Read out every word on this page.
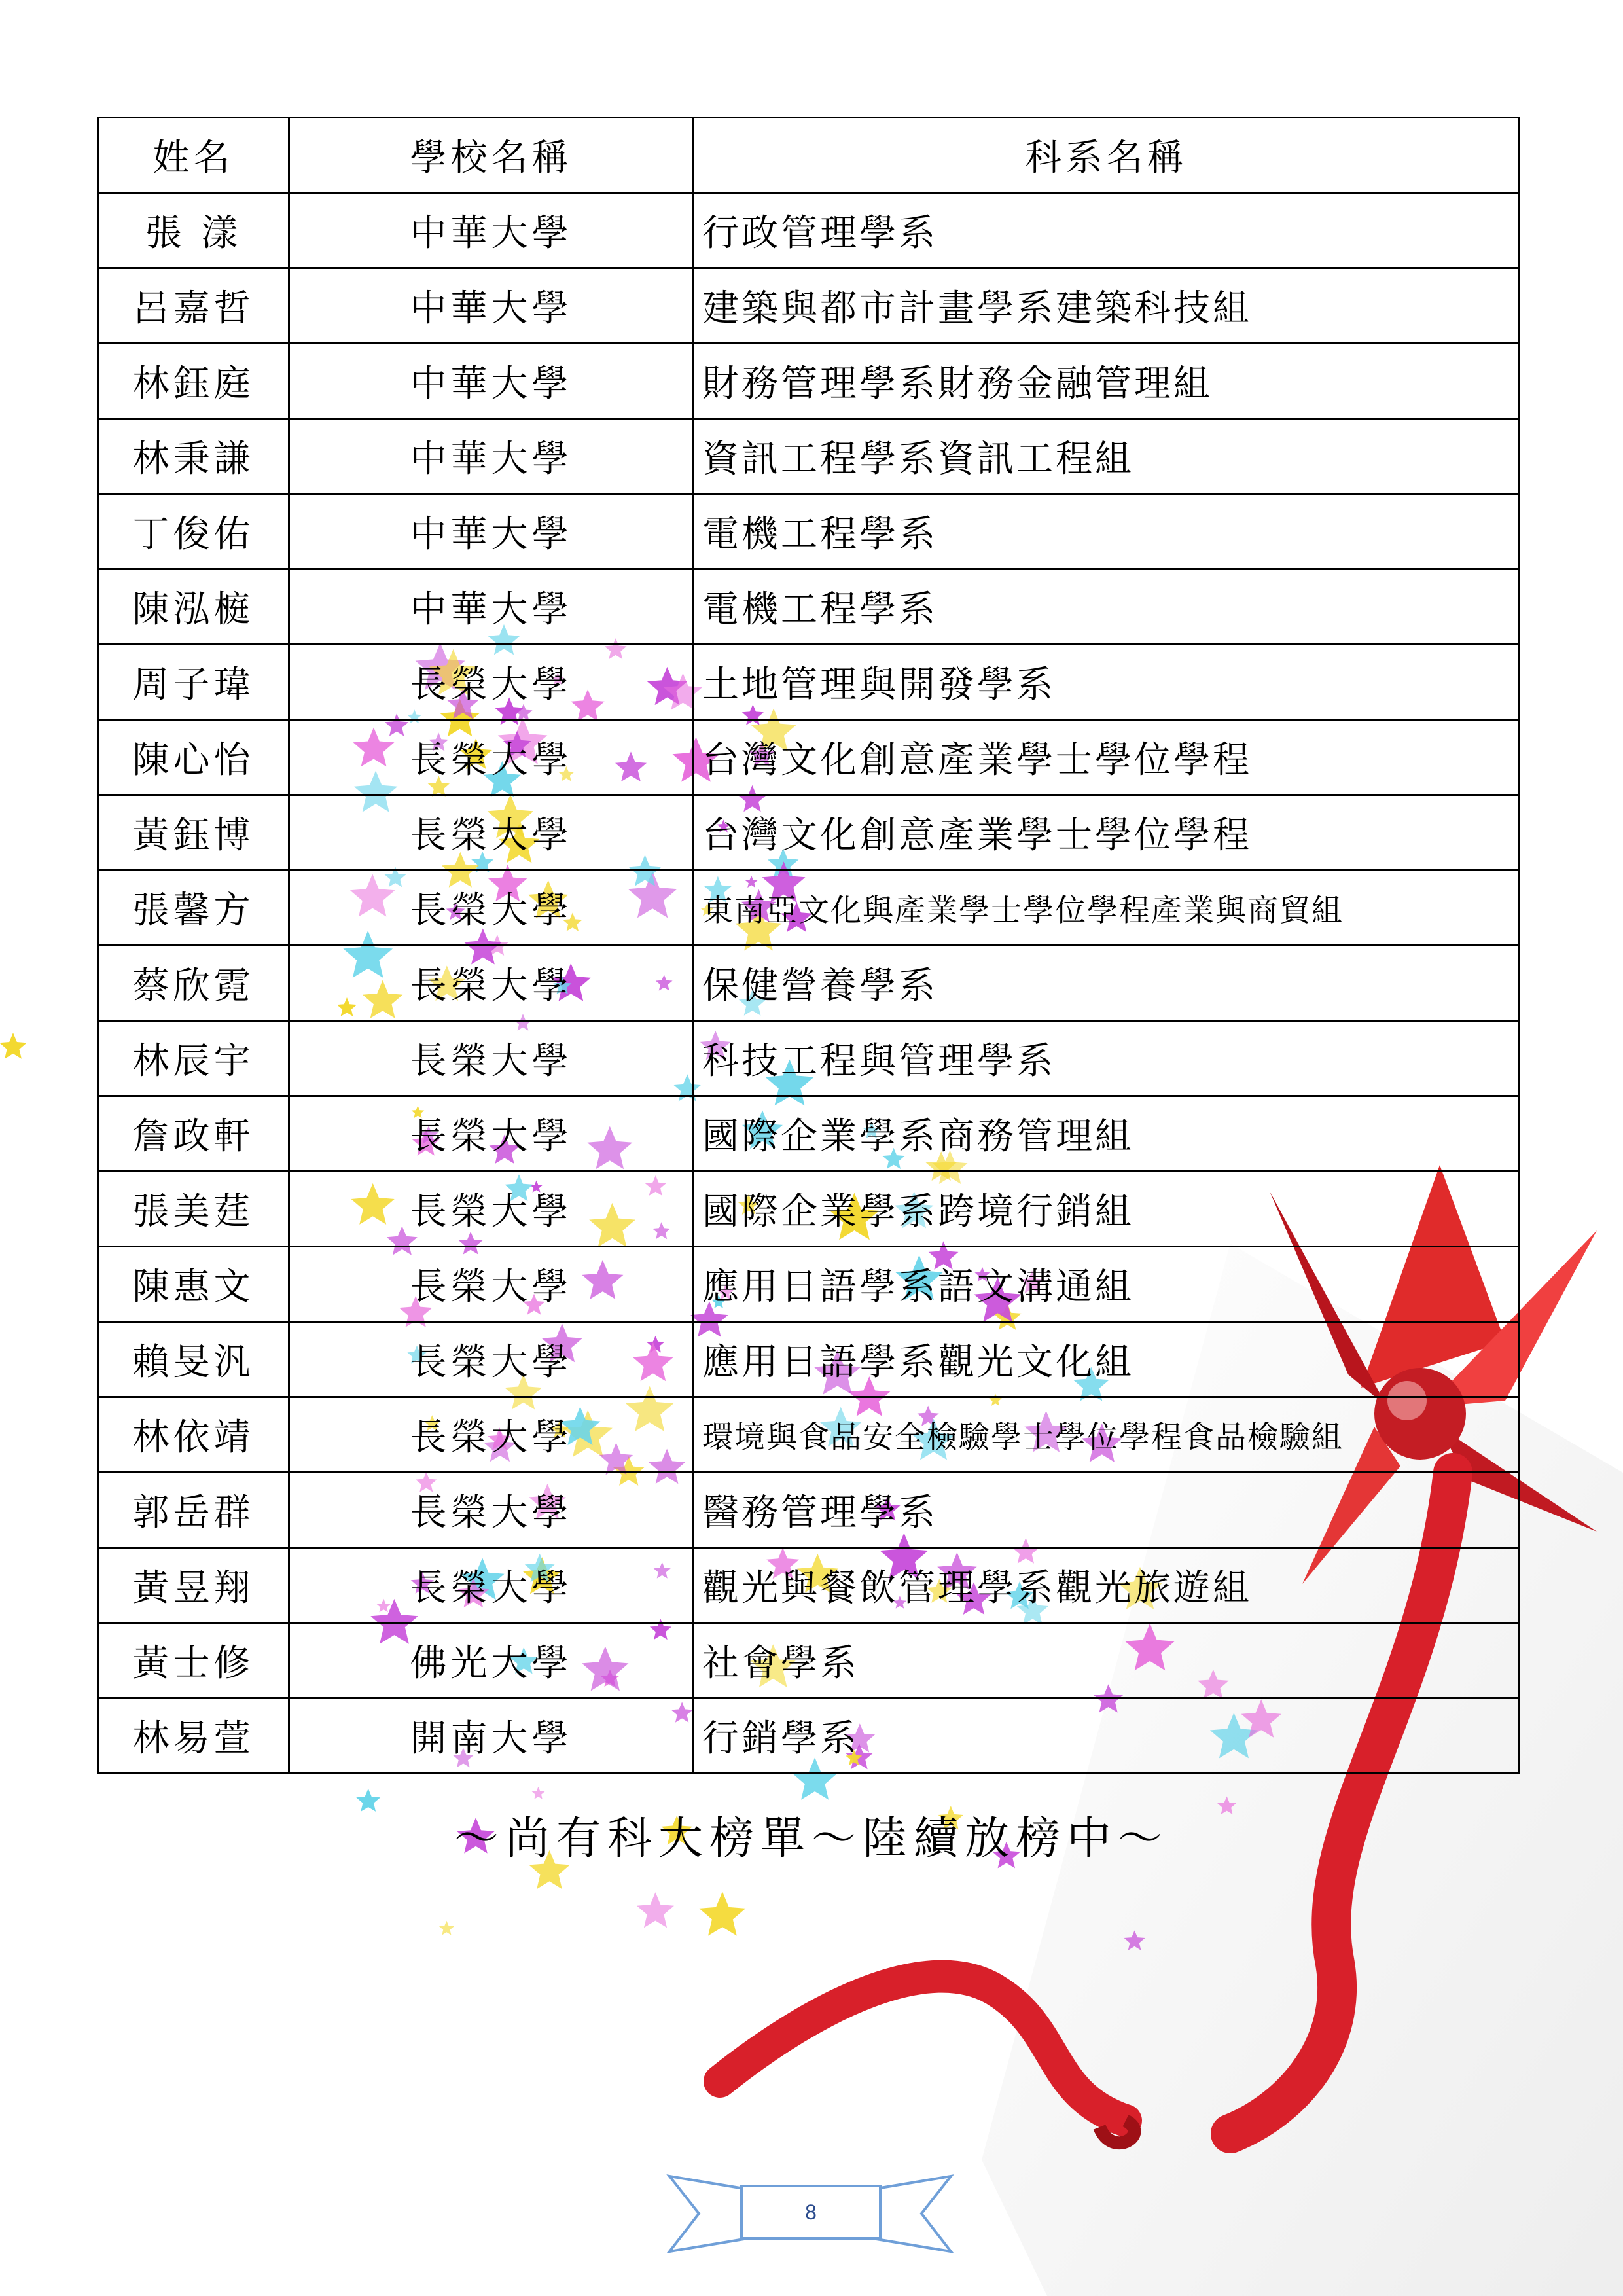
姓名	學校名稱	科系名稱
張 漾	中華大學	行政管理學系
呂嘉哲	中華大學	建築與都市計畫學系建築科技組
林鈺庭	中華大學	財務管理學系財務金融管理組
林秉謙	中華大學	資訊工程學系資訊工程組
丁俊佑	中華大學	電機工程學系
陳泓榳	中華大學	電機工程學系
周子瑋	長榮大學	土地管理與開發學系
陳心怡	長榮大學	台灣文化創意產業學士學位學程
黃鈺博	長榮大學	台灣文化創意產業學士學位學程
張馨方	長榮大學	東南亞文化與產業學士學位學程產業與商貿組
蔡欣霓	長榮大學	保健營養學系
林辰宇	長榮大學	科技工程與管理學系
詹政軒	長榮大學	國際企業學系商務管理組
張美莛	長榮大學	國際企業學系跨境行銷組
陳惠文	長榮大學	應用日語學系語文溝通組
賴旻汎	長榮大學	應用日語學系觀光文化組
林依靖	長榮大學	環境與食品安全檢驗學士學位學程食品檢驗組
郭岳群	長榮大學	醫務管理學系
黃昱翔	長榮大學	觀光與餐飲管理學系觀光旅遊組
黃士修	佛光大學	社會學系
林易萱	開南大學	行銷學系
～尚有科大榜單～陸續放榜中～
8
